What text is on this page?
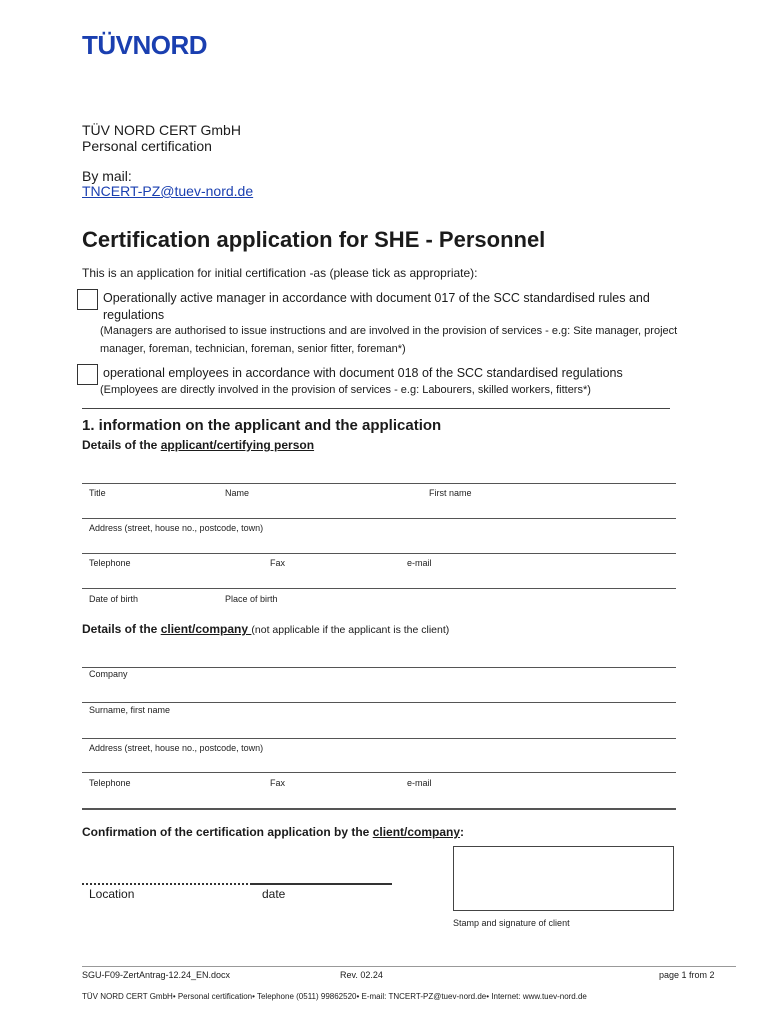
TÜVNORD
TÜV NORD CERT GmbH
Personal certification
By mail:
TNCERT-PZ@tuev-nord.de
Certification application for SHE - Personnel
This is an application for initial certification -as (please tick as appropriate):
Operationally active manager in accordance with document 017 of the SCC standardised rules and
regulations
(Managers are authorised to issue instructions and are involved in the provision of services - e.g: Site manager, project
manager, foreman, technician, foreman, senior fitter, foreman*)
operational employees in accordance with document 018 of the SCC standardised regulations
(Employees are directly involved in the provision of services - e.g: Labourers, skilled workers, fitters*)
1. information on the applicant and the application
Details of the applicant/certifying person
Title	Name	First name
Address (street, house no., postcode, town)
Telephone	Fax	e-mail
Date of birth	Place of birth
Details of the client/company (not applicable if the applicant is the client)
Company
Surname, first name
Address (street, house no., postcode, town)
Telephone	Fax	e-mail
Confirmation of the certification application by the client/company:
Location	date
Stamp and signature of client
SGU-F09-ZertAntrag-12.24_EN.docx	Rev. 02.24	page 1 from 2
TÜV NORD CERT GmbH• Personal certification• Telephone (0511) 99862520• E-mail: TNCERT-PZ@tuev-nord.de• Internet: www.tuev-nord.de
